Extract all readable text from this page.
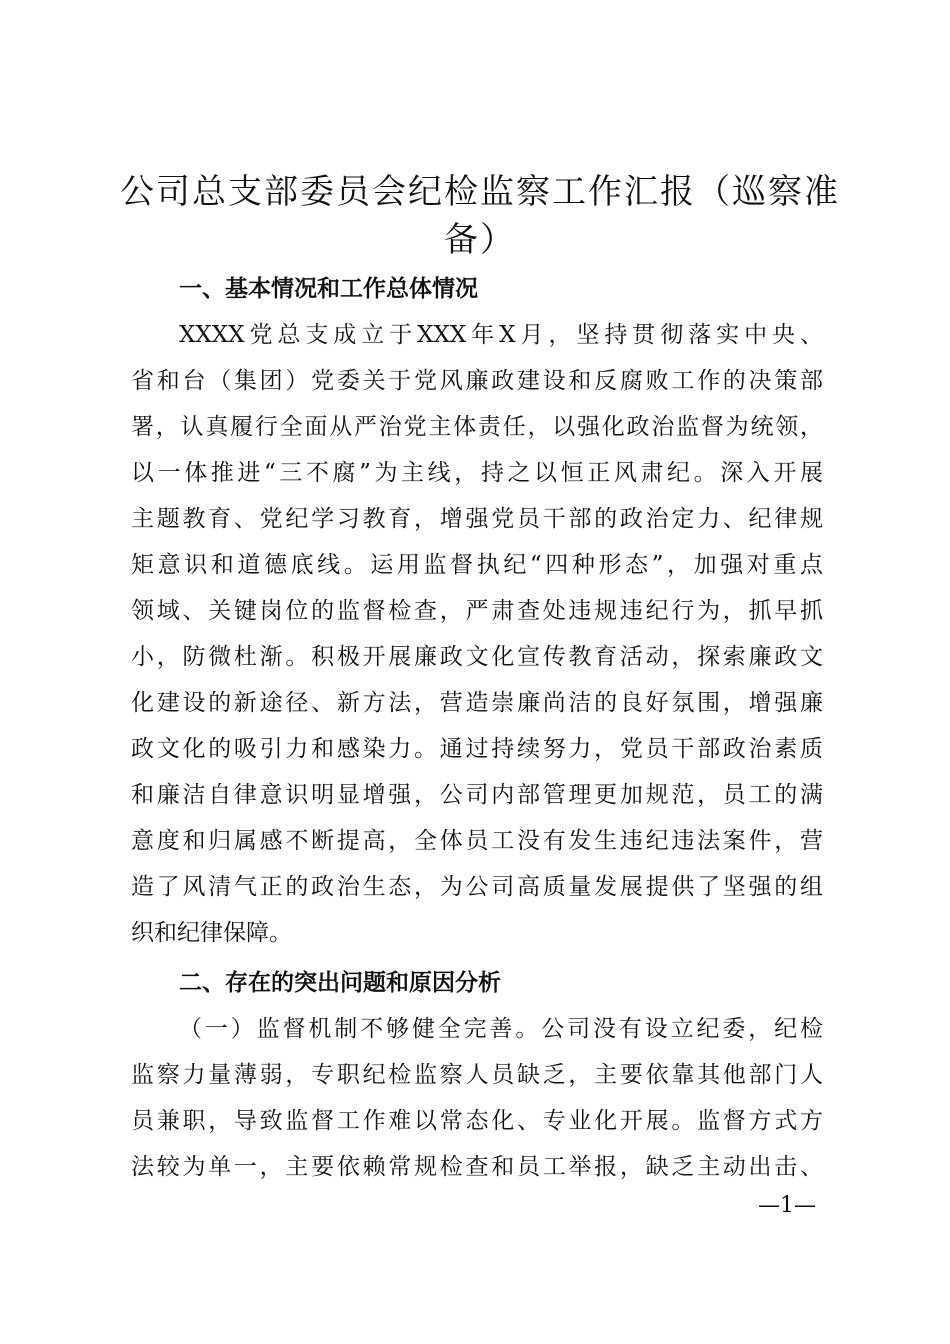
公司总支部委员会纪检监察工作汇报（巡察准
备）
一、基本情况和工作总体情况
XXXX党总支成立于XXX年X月，坚持贯彻落实中央、
省和台（集团）党委关于党风廉政建设和反腐败工作的决策部
署，认真履行全面从严治党主体责任，以强化政治监督为统领，
以一体推进“三不腐”为主线，持之以恒正风肃纪。深入开展
主题教育、党纪学习教育，增强党员干部的政治定力、纪律规
矩意识和道德底线。运用监督执纪“四种形态”，加强对重点
领域、关键岗位的监督检查，严肃查处违规违纪行为，抓早抓
小，防微杜渐。积极开展廉政文化宣传教育活动，探索廉政文
化建设的新途径、新方法，营造崇廉尚洁的良好氛围，增强廉
政文化的吸引力和感染力。通过持续努力，党员干部政治素质
和廉洁自律意识明显增强，公司内部管理更加规范，员工的满
意度和归属感不断提高，全体员工没有发生违纪违法案件，营
造了风清气正的政治生态，为公司高质量发展提供了坚强的组
织和纪律保障。
二、存在的突出问题和原因分析
（一）监督机制不够健全完善。公司没有设立纪委，纪检
监察力量薄弱，专职纪检监察人员缺乏，主要依靠其他部门人
员兼职，导致监督工作难以常态化、专业化开展。监督方式方
法较为单一，主要依赖常规检查和员工举报，缺乏主动出击、
—1—
